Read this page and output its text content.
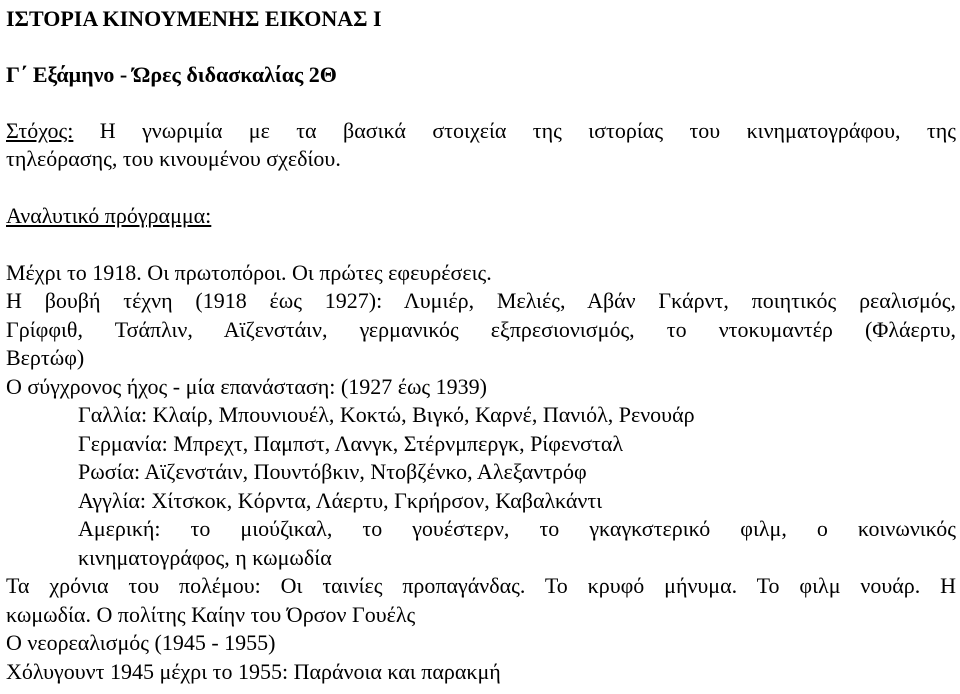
ΙΣΤΟΡΙΑ ΚΙΝΟΥΜΕΝΗΣ ΕΙΚΟΝΑΣ Ι
Γ΄ Εξάμηνο - Ώρες διδασκαλίας 2Θ
Στόχος: Η γνωριμία με τα βασικά στοιχεία της ιστορίας του κινηματογράφου, της
τηλεόρασης, του κινουμένου σχεδίου.
Αναλυτικό πρόγραμμα:
Μέχρι το 1918. Οι πρωτοπόροι. Οι πρώτες εφευρέσεις.
Η βουβή τέχνη (1918 έως 1927): Λυμιέρ, Μελιές, Αβάν Γκάρντ, ποιητικός ρεαλισμός,
Γρίφφιθ, Τσάπλιν, Αϊζενστάιν, γερμανικός εξπρεσιονισμός, το ντοκυμαντέρ (Φλάερτυ,
Βερτώφ)
Ο σύγχρονος ήχος - μία επανάσταση: (1927 έως 1939)
Γαλλία: Κλαίρ, Μπουνιουέλ, Κοκτώ, Βιγκό, Καρνέ, Πανιόλ, Ρενουάρ
Γερμανία: Μπρεχτ, Παμπστ, Λανγκ, Στέρνμπεργκ, Ρίφενσταλ
Ρωσία: Αϊζενστάιν, Πουντόβκιν, Ντοβζένκο, Αλεξαντρόφ
Αγγλία: Χίτσκοκ, Κόρντα, Λάερτυ, Γκρήρσον, Καβαλκάντι
Αμερική: το μιούζικαλ, το γουέστερν, το γκαγκστερικό φιλμ, ο κοινωνικός
κινηματογράφος, η κωμωδία
Τα χρόνια του πολέμου: Οι ταινίες προπαγάνδας. Το κρυφό μήνυμα. Το φιλμ νουάρ. Η
κωμωδία. Ο πολίτης Καίην του Όρσον Γουέλς
Ο νεορεαλισμός (1945 - 1955)
Χόλυγουντ 1945 μέχρι το 1955: Παράνοια και παρακμή
